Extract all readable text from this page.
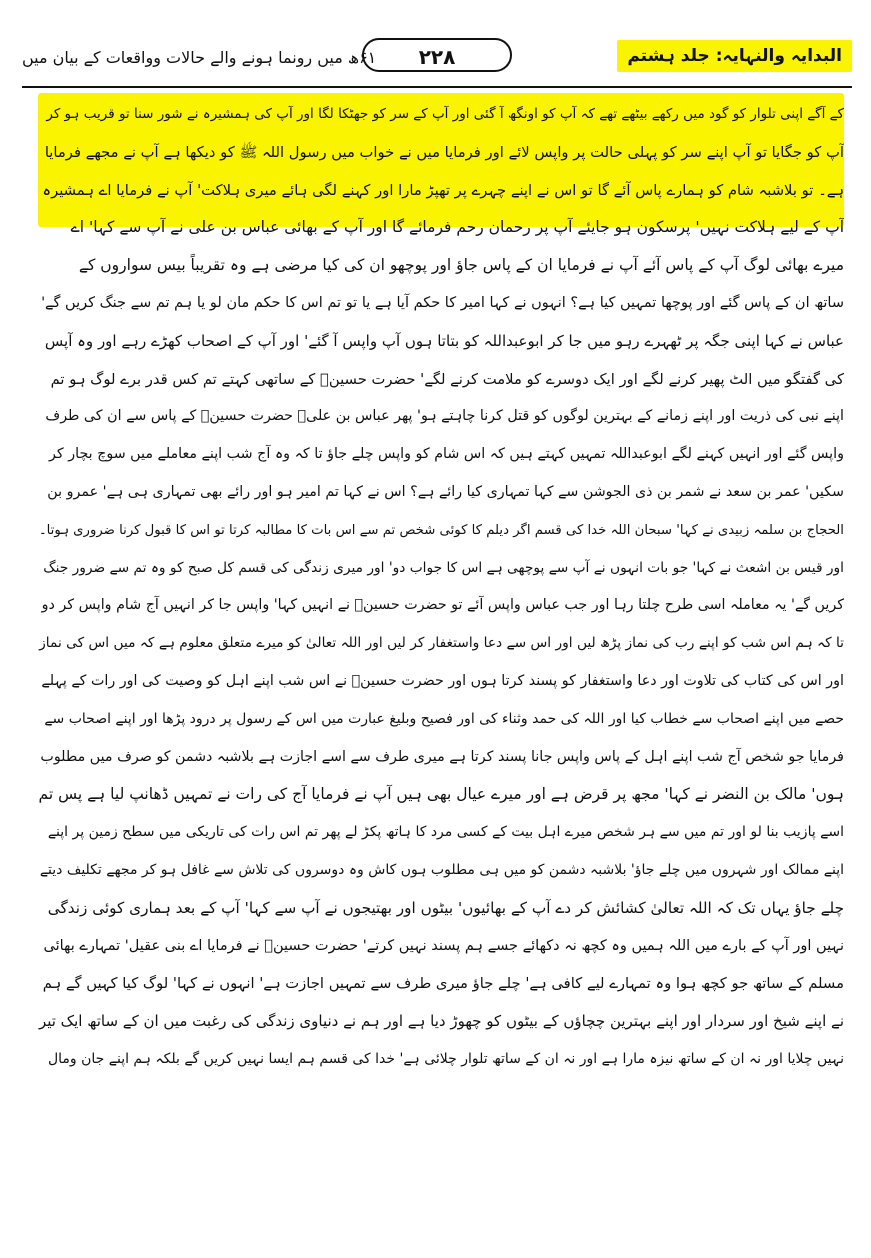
البدایہ والنہایہ: جلد ہشتم
۲۲۸
۶۱ھ میں رونما ہونے والے حالات وواقعات کے بیان میں
کے آگے اپنی تلوار کو گود میں رکھے بیٹھے تھے کہ آپ کو اونگھ آ گئی اور آپ کے سر کو جھٹکا لگا اور آپ کی ہمشیرہ نے شور سنا تو قریب ہو کر
آپ کو جگایا تو آپ اپنے سر کو پہلی حالت پر واپس لائے اور فرمایا میں نے خواب میں رسول اللہ ﷺ کو دیکھا ہے آپ نے مجھے فرمایا
ہے۔ تو بلاشبہ شام کو ہمارے پاس آئے گا تو اس نے اپنے چہرے پر تھپڑ مارا اور کہنے لگی ہائے میری ہلاکت' آپ نے فرمایا اے ہمشیرہ
آپ کے لیے ہلاکت نہیں' پرسکون ہو جایئے آپ پر رحمان رحم فرمائے گا اور آپ کے بھائی عباس بن علی نے آپ سے کہا' اے
میرے بھائی لوگ آپ کے پاس آئے آپ نے فرمایا ان کے پاس جاؤ اور پوچھو ان کی کیا مرضی ہے وہ تقریباً بیس سواروں کے
ساتھ ان کے پاس گئے اور پوچھا تمہیں کیا ہے؟ انہوں نے کہا امیر کا حکم آیا ہے یا تو تم اس کا حکم مان لو یا ہم تم سے جنگ کریں گے'
عباس نے کہا اپنی جگہ پر ٹھہرے رہو میں جا کر ابوعبداللہ کو بتاتا ہوں آپ واپس آ گئے' اور آپ کے اصحاب کھڑے رہے اور وہ آپس
کی گفتگو میں الٹ پھیر کرنے لگے اور ایک دوسرے کو ملامت کرنے لگے' حضرت حسینؓ کے ساتھی کہتے تم کس قدر برے لوگ ہو تم
اپنے نبی کی ذریت اور اپنے زمانے کے بہترین لوگوں کو قتل کرنا چاہتے ہو' پھر عباس بن علیؓ حضرت حسینؓ کے پاس سے ان کی طرف
واپس گئے اور انہیں کہنے لگے ابوعبداللہ تمہیں کہتے ہیں کہ اس شام کو واپس چلے جاؤ تا کہ وہ آج شب اپنے معاملے میں سوچ بچار کر
سکیں' عمر بن سعد نے شمر بن ذی الجوشن سے کہا تمہاری کیا رائے ہے؟ اس نے کہا تم امیر ہو اور رائے بھی تمہاری ہی ہے' عمرو بن
الحجاج بن سلمہ زبیدی نے کہا' سبحان اللہ خدا کی قسم اگر دیلم کا کوئی شخص تم سے اس بات کا مطالبہ کرتا تو اس کا قبول کرنا ضروری ہوتا۔
اور قیس بن اشعث نے کہا' جو بات انہوں نے آپ سے پوچھی ہے اس کا جواب دو' اور میری زندگی کی قسم کل صبح کو وہ تم سے ضرور جنگ
کریں گے' یہ معاملہ اسی طرح چلتا رہا اور جب عباس واپس آئے تو حضرت حسینؓ نے انہیں کہا' واپس جا کر انہیں آج شام واپس کر دو
تا کہ ہم اس شب کو اپنے رب کی نماز پڑھ لیں اور اس سے دعا واستغفار کر لیں اور اللہ تعالیٰ کو میرے متعلق معلوم ہے کہ میں اس کی نماز
اور اس کی کتاب کی تلاوت اور دعا واستغفار کو پسند کرتا ہوں اور حضرت حسینؓ نے اس شب اپنے اہل کو وصیت کی اور رات کے پہلے
حصے میں اپنے اصحاب سے خطاب کیا اور اللہ کی حمد وثناء کی اور فصیح وبلیغ عبارت میں اس کے رسول پر درود پڑھا اور اپنے اصحاب سے
فرمایا جو شخص آج شب اپنے اہل کے پاس واپس جانا پسند کرتا ہے میری طرف سے اسے اجازت ہے بلاشبہ دشمن کو صرف میں مطلوب
ہوں' مالک بن النضر نے کہا' مجھ پر قرض ہے اور میرے عیال بھی ہیں آپ نے فرمایا آج کی رات نے تمہیں ڈھانپ لیا ہے پس تم
اسے پازیب بنا لو اور تم میں سے ہر شخص میرے اہل بیت کے کسی مرد کا ہاتھ پکڑ لے پھر تم اس رات کی تاریکی میں سطح زمین پر اپنے
اپنے ممالک اور شہروں میں چلے جاؤ' بلاشبہ دشمن کو میں ہی مطلوب ہوں کاش وہ دوسروں کی تلاش سے غافل ہو کر مجھے تکلیف دیتے
چلے جاؤ یہاں تک کہ اللہ تعالیٰ کشائش کر دے آپ کے بھائیوں' بیٹوں اور بھتیجوں نے آپ سے کہا' آپ کے بعد ہماری کوئی زندگی
نہیں اور آپ کے بارے میں اللہ ہمیں وہ کچھ نہ دکھائے جسے ہم پسند نہیں کرتے' حضرت حسینؓ نے فرمایا اے بنی عقیل' تمہارے بھائی
مسلم کے ساتھ جو کچھ ہوا وہ تمہارے لیے کافی ہے' چلے جاؤ میری طرف سے تمہیں اجازت ہے' انہوں نے کہا' لوگ کیا کہیں گے ہم
نے اپنے شیخ اور سردار اور اپنے بہترین چچاؤں کے بیٹوں کو چھوڑ دیا ہے اور ہم نے دنیاوی زندگی کی رغبت میں ان کے ساتھ ایک تیر
نہیں چلایا اور نہ ان کے ساتھ نیزہ مارا ہے اور نہ ان کے ساتھ تلوار چلائی ہے' خدا کی قسم ہم ایسا نہیں کریں گے بلکہ ہم اپنے جان ومال
